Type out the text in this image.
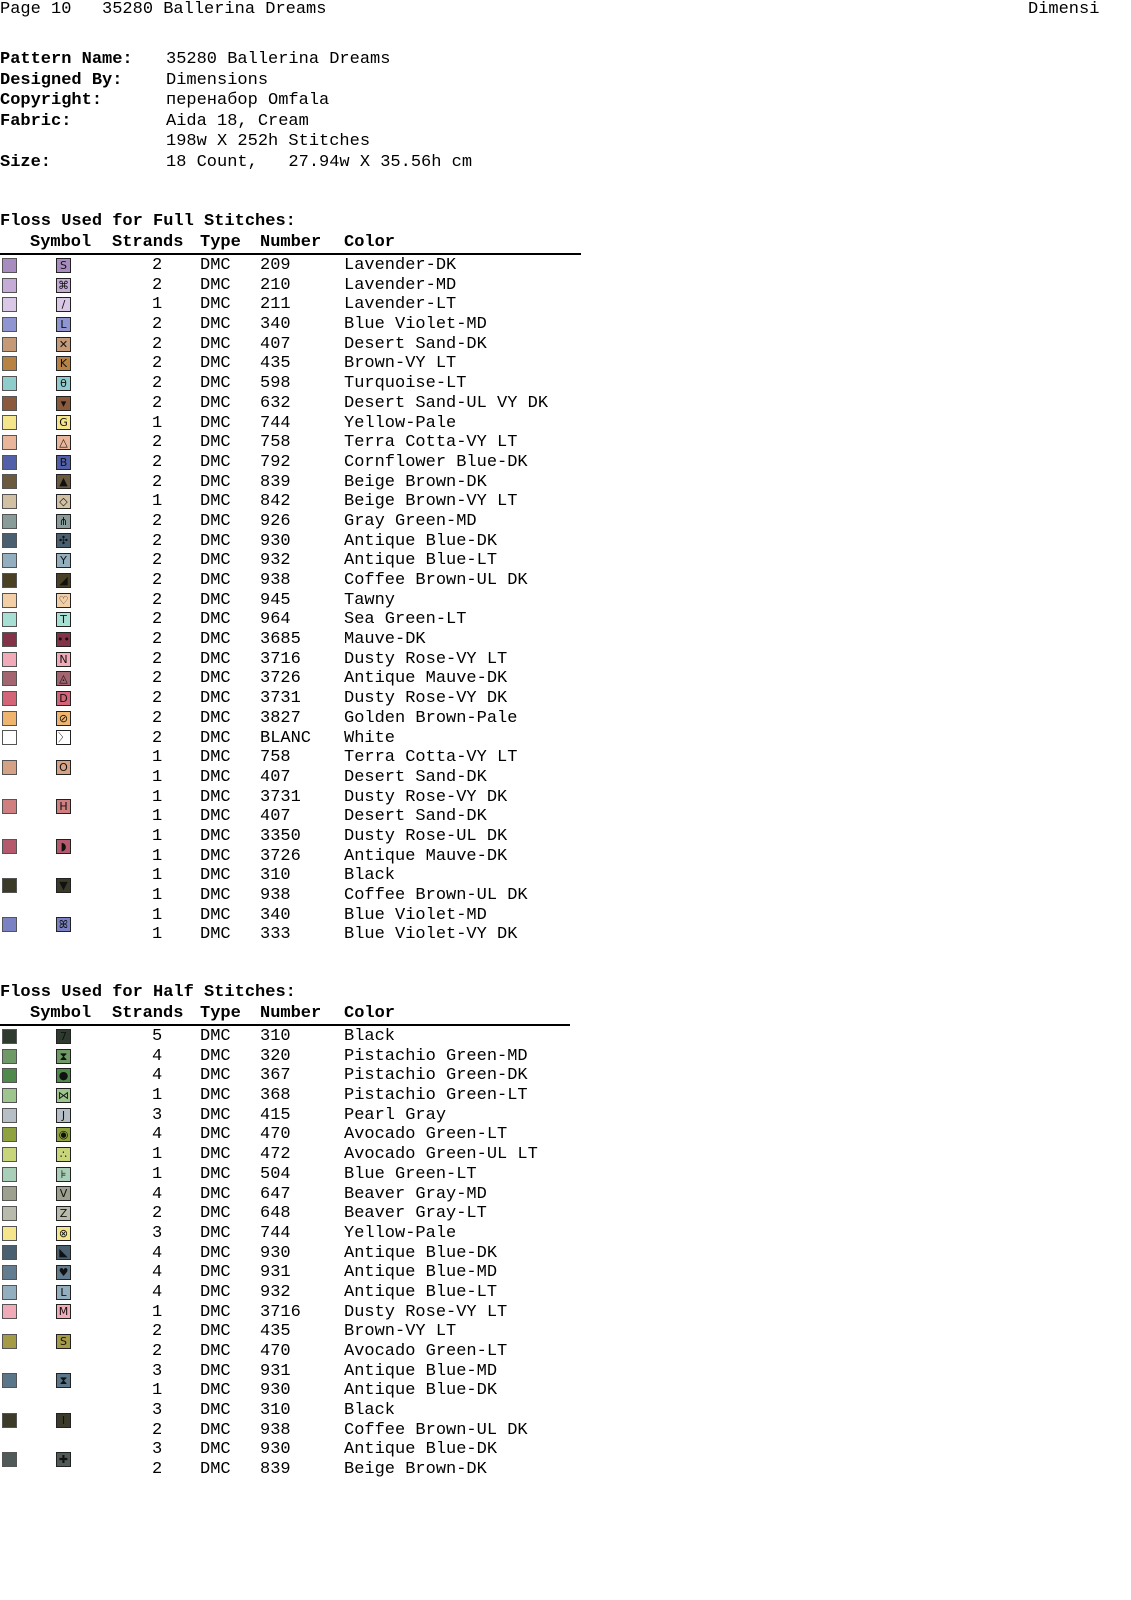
Page 10   35280 Ballerina Dreams	Dimensi
Pattern Name: 35280 Ballerina Dreams
Designed By:	Dimensions
Copyright:	перенабор Omfala
Fabric:	Aida 18, Cream
198w X 252h Stitches
Size:	18 Count,   27.94w X 35.56h cm
Floss Used for Full Stitches:
Symbol Strands Type Number Color
S	2 DMC 209	Lavender-DK
⌘	2 DMC 210	Lavender-MD
/	1 DMC 211	Lavender-LT
L	2 DMC 340	Blue Violet-MD
✕	2 DMC 407	Desert Sand-DK
K	2 DMC 435	Brown-VY LT
θ	2 DMC 598	Turquoise-LT
▾	2 DMC 632	Desert Sand-UL VY DK
G	1 DMC 744	Yellow-Pale
△	2 DMC 758	Terra Cotta-VY LT
B	2 DMC 792	Cornflower Blue-DK
▲	2 DMC 839	Beige Brown-DK
◇	1 DMC 842	Beige Brown-VY LT
⋔	2 DMC 926	Gray Green-MD
✣	2 DMC 930	Antique Blue-DK
Y	2 DMC 932	Antique Blue-LT
◢	2 DMC 938	Coffee Brown-UL DK
♡	2 DMC 945	Tawny
T	2 DMC 964	Sea Green-LT
••	2 DMC 3685	Mauve-DK
N	2 DMC 3716	Dusty Rose-VY LT
◬	2 DMC 3726	Antique Mauve-DK
D	2 DMC 3731	Dusty Rose-VY DK
⊘	2 DMC 3827	Golden Brown-Pale
〉	2 DMC BLANC White
O
1 DMC 758	Terra Cotta-VY LT
1 DMC 407	Desert Sand-DK
H
1 DMC 3731	Dusty Rose-VY DK
1 DMC 407	Desert Sand-DK
◗
1 DMC 3350	Dusty Rose-UL DK
1 DMC 3726	Antique Mauve-DK
▼
1 DMC 310	Black
1 DMC 938	Coffee Brown-UL DK
ꕤ
1 DMC 340	Blue Violet-MD
1 DMC 333	Blue Violet-VY DK
Floss Used for Half Stitches:
Symbol Strands Type Number Color
7	5 DMC 310	Black
⧗	4 DMC 320	Pistachio Green-MD
●	4 DMC 367	Pistachio Green-DK
⋈	1 DMC 368	Pistachio Green-LT
J	3 DMC 415	Pearl Gray
◉	4 DMC 470	Avocado Green-LT
∴	1 DMC 472	Avocado Green-UL LT
⊧	1 DMC 504	Blue Green-LT
V	4 DMC 647	Beaver Gray-MD
Z	2 DMC 648	Beaver Gray-LT
⊗	3 DMC 744	Yellow-Pale
◣	4 DMC 930	Antique Blue-DK
♥	4 DMC 931	Antique Blue-MD
L	4 DMC 932	Antique Blue-LT
M	1 DMC 3716	Dusty Rose-VY LT
S
2 DMC 435	Brown-VY LT
2 DMC 470	Avocado Green-LT
⧗
3 DMC 931	Antique Blue-MD
1 DMC 930	Antique Blue-DK
I
3 DMC 310	Black
2 DMC 938	Coffee Brown-UL DK
✚
3 DMC 930	Antique Blue-DK
2 DMC 839	Beige Brown-DK
